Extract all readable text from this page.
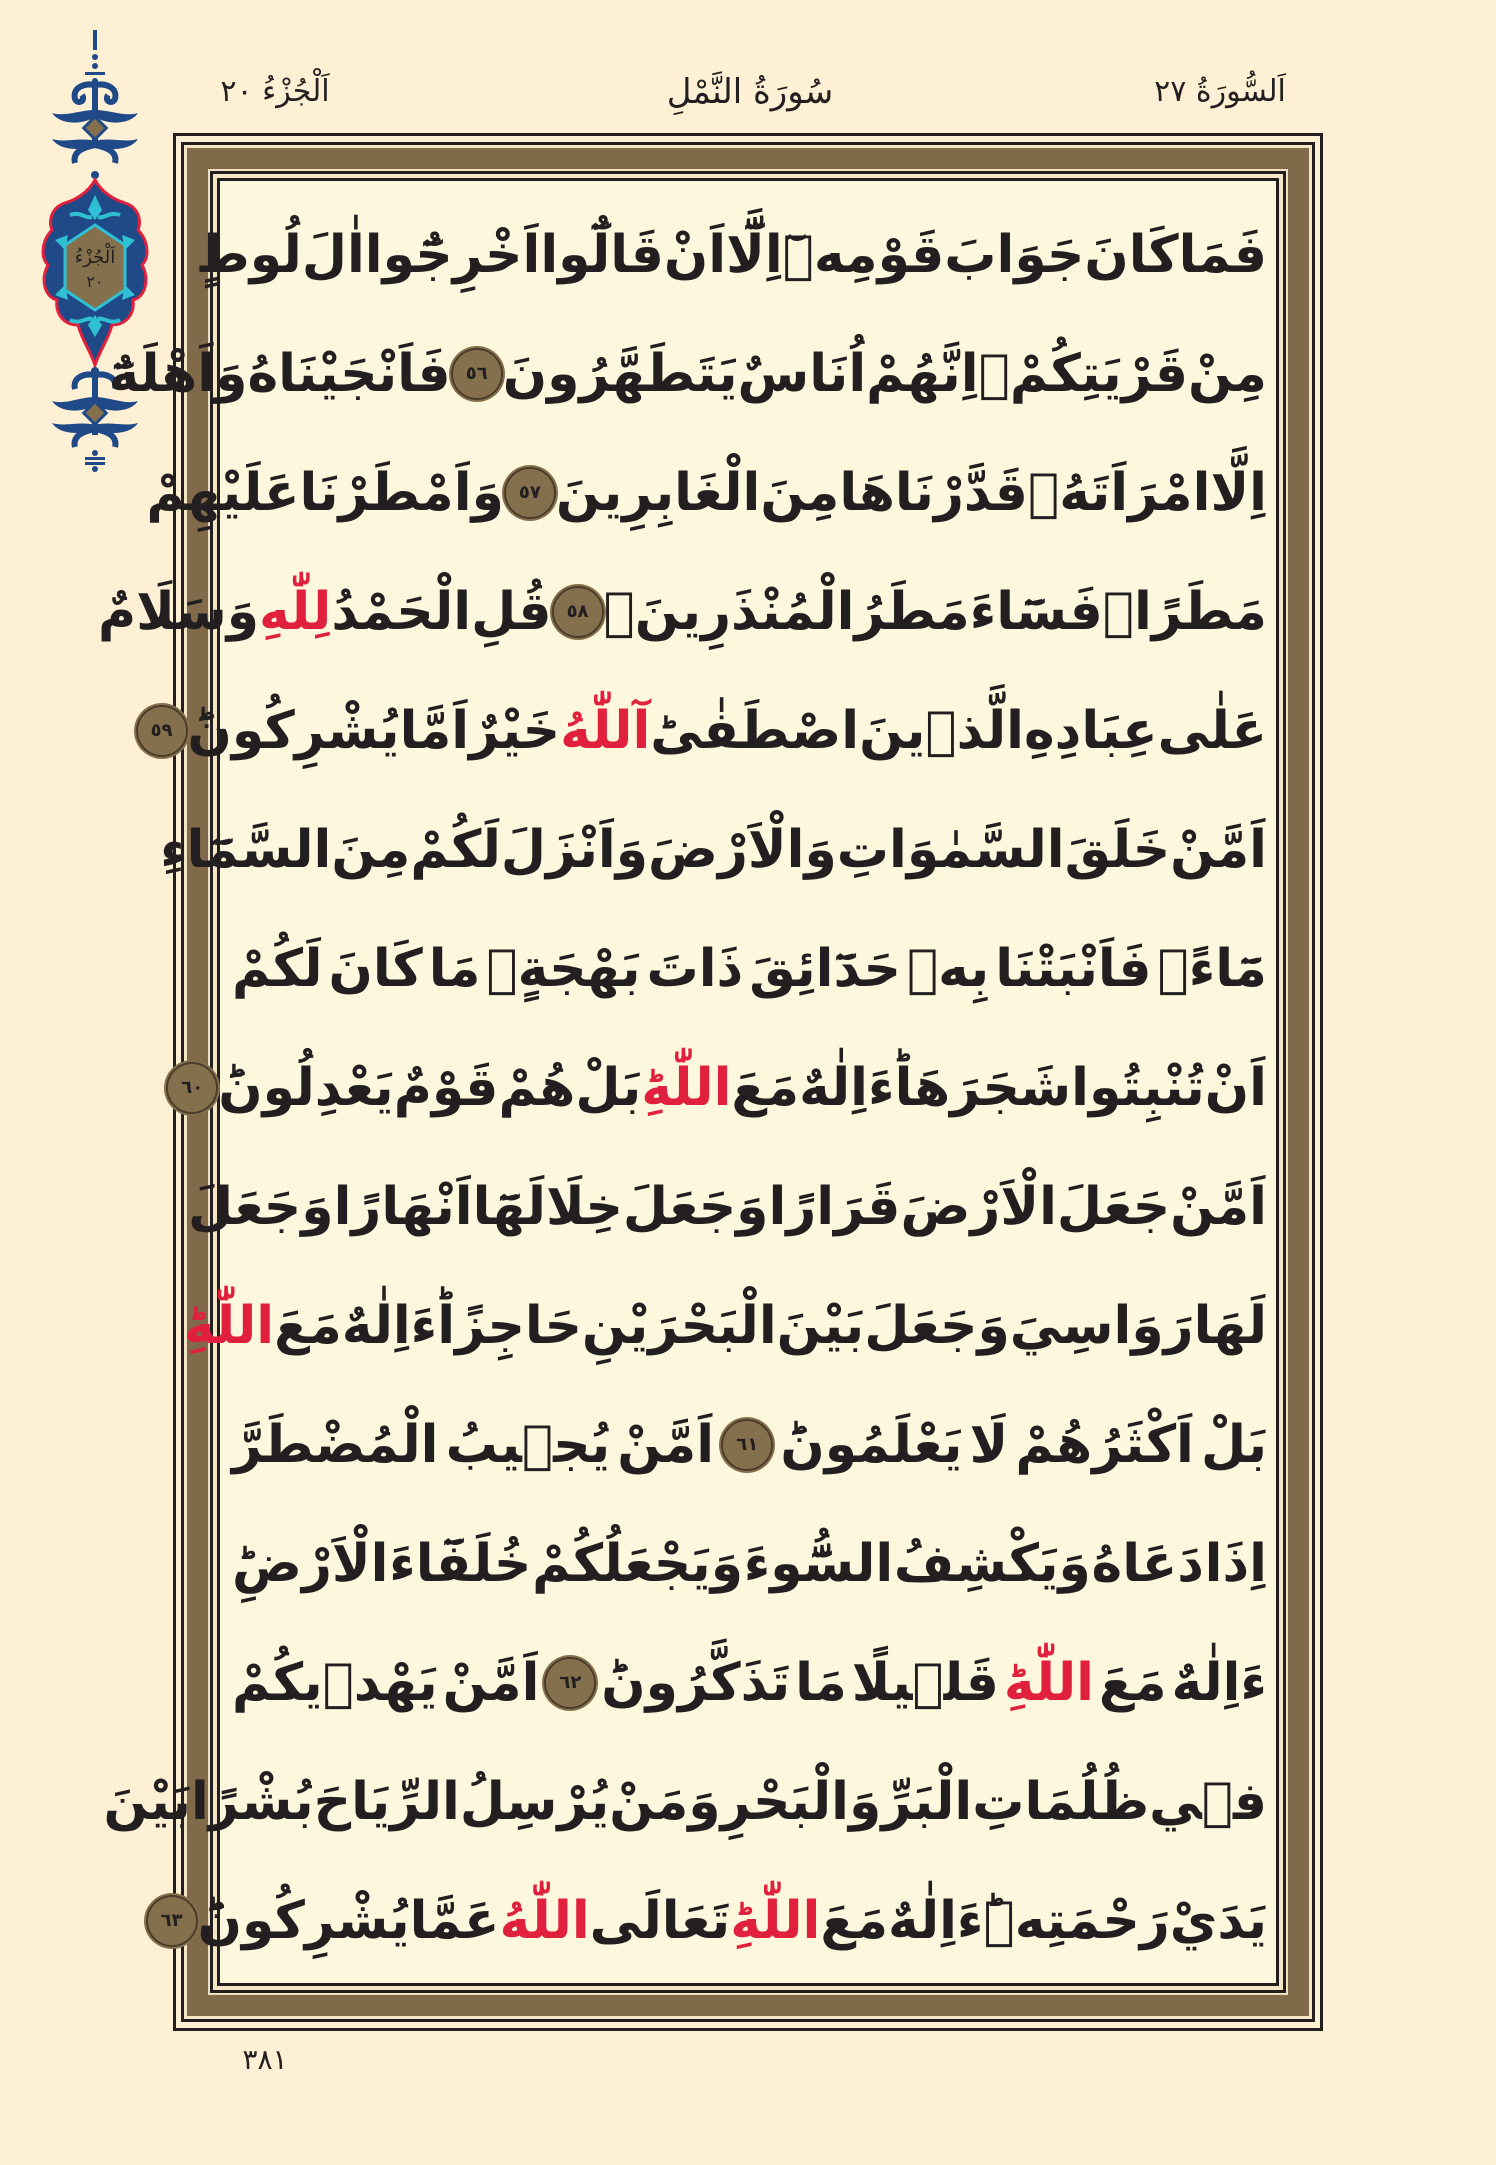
اَلْجُزْءُ ٢٠	سُورَةُ النَّمْلِ	اَلسُّورَةُ ٢٧
اَلْجُزْءُ
٢٠	فَمَا
كَانَ
جَوَابَ
قَوْمِهٖٓ
اِلَّٓا
اَنْ
قَالُٓوا
اَخْرِجُٓوا
اٰلَ
لُوطٍ
مِنْ
قَرْيَتِكُمْۚ
اِنَّهُمْ
اُنَاسٌ
يَتَطَهَّرُونَ
٥٦
فَاَنْجَيْنَاهُ
وَاَهْلَهُٓ
اِلَّا
امْرَاَتَهُۘ
قَدَّرْنَاهَا
مِنَ
الْغَابِرِينَ
٥٧
وَاَمْطَرْنَا
عَلَيْهِمْ
مَطَرًاۚ
فَسَٓاءَ
مَطَرُ
الْمُنْذَرِينَ۟
٥٨
قُلِ
الْحَمْدُ
لِلّٰهِ
وَسَلَامٌ
عَلٰى
عِبَادِهِ
الَّذٖينَ
اصْطَفٰىؕ
آللّٰهُ
خَيْرٌ
اَمَّا
يُشْرِكُونَؕ
٥٩
اَمَّنْ
خَلَقَ
السَّمٰوَاتِ
وَالْاَرْضَ
وَاَنْزَلَ
لَكُمْ
مِنَ
السَّمَٓاءِ
مَٓاءًۚ
فَاَنْبَتْنَا
بِهٖ
حَدَٓائِقَ
ذَاتَ
بَهْجَةٍۚ
مَا
كَانَ
لَكُمْ
اَنْ
تُنْبِتُوا
شَجَرَهَاؕ
ءَاِلٰهٌ
مَعَ
اللّٰهِؕ
بَلْ
هُمْ
قَوْمٌ
يَعْدِلُونَؕ
٦٠
اَمَّنْ
جَعَلَ
الْاَرْضَ
قَرَارًا
وَجَعَلَ
خِلَالَهَٓا
اَنْهَارًا
وَجَعَلَ
لَهَا
رَوَاسِيَ
وَجَعَلَ
بَيْنَ
الْبَحْرَيْنِ
حَاجِزًاؕ
ءَاِلٰهٌ
مَعَ
اللّٰهِؕ
بَلْ
اَكْثَرُهُمْ
لَا
يَعْلَمُونَؕ
٦١
اَمَّنْ
يُجٖيبُ
الْمُضْطَرَّ
اِذَا
دَعَاهُ
وَيَكْشِفُ
السُّٓوءَ
وَيَجْعَلُكُمْ
خُلَفَٓاءَ
الْاَرْضِؕ
ءَاِلٰهٌ
مَعَ
اللّٰهِؕ
قَلٖيلًا
مَا
تَذَكَّرُونَؕ
٦٢
اَمَّنْ
يَهْدٖيكُمْ
فٖي
ظُلُمَاتِ
الْبَرِّ
وَالْبَحْرِ
وَمَنْ
يُرْسِلُ
الرِّيَاحَ
بُشْرًا
بَيْنَ
يَدَيْ
رَحْمَتِهٖؕ
ءَاِلٰهٌ
مَعَ
اللّٰهِؕ
تَعَالَى
اللّٰهُ
عَمَّا
يُشْرِكُونَؕ
٦٣
٣٨١
